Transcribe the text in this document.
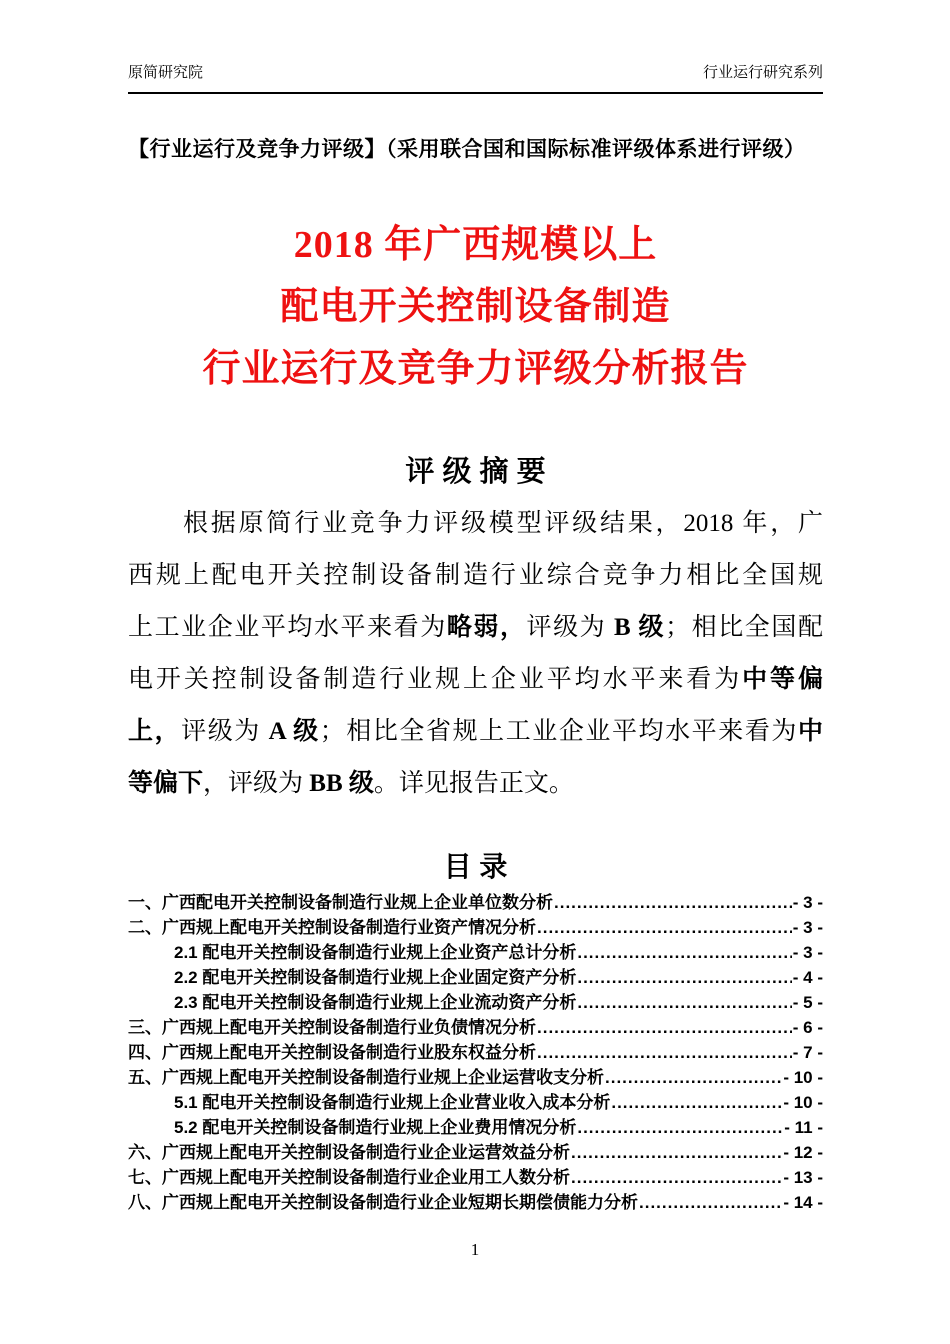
原简研究院	行业运行研究系列
【行业运行及竞争力评级】（采用联合国和国际标准评级体系进行评级）
2018 年广西规模以上
配电开关控制设备制造
行业运行及竞争力评级分析报告
评 级 摘 要
根据原简行业竞争力评级模型评级结果，2018 年，广
西规上配电开关控制设备制造行业综合竞争力相比全国规
上工业企业平均水平来看为略弱，评级为 B 级；相比全国配
电开关控制设备制造行业规上企业平均水平来看为中等偏
上，评级为 A 级；相比全省规上工业企业平均水平来看为中
等偏下，评级为 BB 级。详见报告正文。
目 录
一、广西配电开关控制设备制造行业规上企业单位数分析 .....	- 3 -
二、广西规上配电开关控制设备制造行业资产情况分析 .....	- 3 -
2.1 配电开关控制设备制造行业规上企业资产总计分析 .....	- 3 -
2.2 配电开关控制设备制造行业规上企业固定资产分析 .....	- 4 -
2.3 配电开关控制设备制造行业规上企业流动资产分析 .....	- 5 -
三、广西规上配电开关控制设备制造行业负债情况分析 .....	- 6 -
四、广西规上配电开关控制设备制造行业股东权益分析 .....	- 7 -
五、广西规上配电开关控制设备制造行业规上企业运营收支分析 .....	- 10 -
5.1 配电开关控制设备制造行业规上企业营业收入成本分析 .....	- 10 -
5.2 配电开关控制设备制造行业规上企业费用情况分析 .....	- 11 -
六、广西规上配电开关控制设备制造行业企业运营效益分析 .....	- 12 -
七、广西规上配电开关控制设备制造行业企业用工人数分析 .....	- 13 -
八、广西规上配电开关控制设备制造行业企业短期长期偿债能力分析 .....	- 14 -
1
